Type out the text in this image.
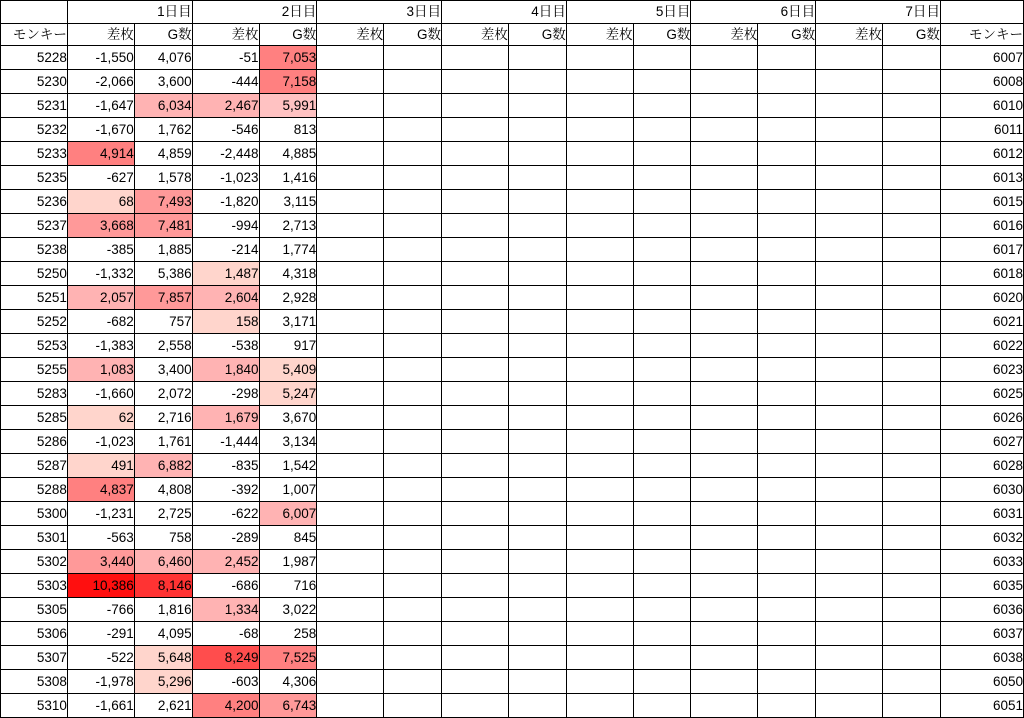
	1日目		2日目		3日目		4日目		5日目		6日目		7日目		
モンキー	差枚	G数	差枚	G数	差枚	G数	差枚	G数	差枚	G数	差枚	G数	差枚	G数	モンキー
5228	-1,550	4,076	-51	7,053											6007
5230	-2,066	3,600	-444	7,158											6008
5231	-1,647	6,034	2,467	5,991											6010
5232	-1,670	1,762	-546	813											6011
5233	4,914	4,859	-2,448	4,885											6012
5235	-627	1,578	-1,023	1,416											6013
5236	68	7,493	-1,820	3,115											6015
5237	3,668	7,481	-994	2,713											6016
5238	-385	1,885	-214	1,774											6017
5250	-1,332	5,386	1,487	4,318											6018
5251	2,057	7,857	2,604	2,928											6020
5252	-682	757	158	3,171											6021
5253	-1,383	2,558	-538	917											6022
5255	1,083	3,400	1,840	5,409											6023
5283	-1,660	2,072	-298	5,247											6025
5285	62	2,716	1,679	3,670											6026
5286	-1,023	1,761	-1,444	3,134											6027
5287	491	6,882	-835	1,542											6028
5288	4,837	4,808	-392	1,007											6030
5300	-1,231	2,725	-622	6,007											6031
5301	-563	758	-289	845											6032
5302	3,440	6,460	2,452	1,987											6033
5303	10,386	8,146	-686	716											6035
5305	-766	1,816	1,334	3,022											6036
5306	-291	4,095	-68	258											6037
5307	-522	5,648	8,249	7,525											6038
5308	-1,978	5,296	-603	4,306											6050
5310	-1,661	2,621	4,200	6,743											6051
